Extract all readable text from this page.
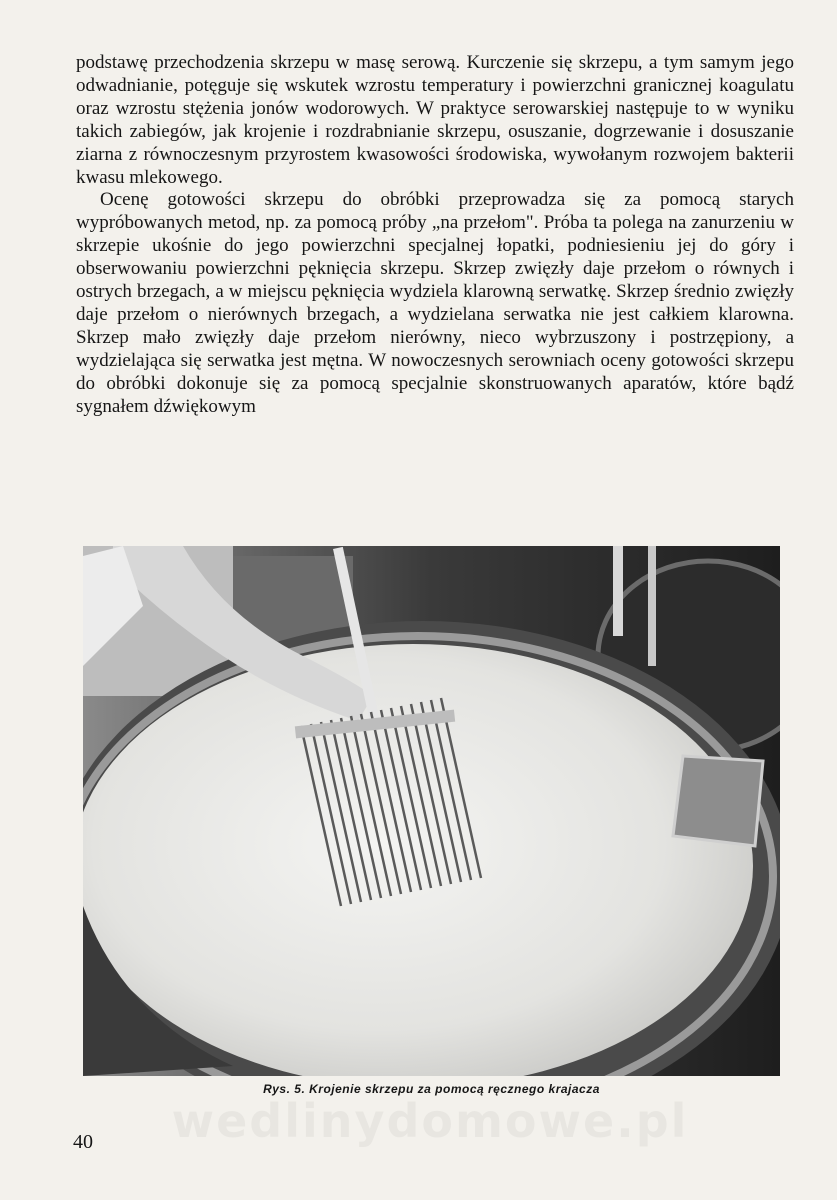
podstawę przechodzenia skrzepu w masę serową. Kurczenie się skrzepu, a tym samym jego odwadnianie, potęguje się wskutek wzrostu temperatury i powierzchni granicznej koagulatu oraz wzrostu stężenia jonów wodorowych. W praktyce serowarskiej następuje to w wyniku takich zabiegów, jak krojenie i rozdrabnianie skrzepu, osuszanie, dogrzewanie i dosuszanie ziarna z równoczesnym przyrostem kwasowości środowiska, wywołanym rozwojem bakterii kwasu mlekowego.

Ocenę gotowości skrzepu do obróbki przeprowadza się za pomocą starych wypróbowanych metod, np. za pomocą próby „na przełom". Próba ta polega na zanurzeniu w skrzepie ukośnie do jego powierzchni specjalnej łopatki, podniesieniu jej do góry i obserwowaniu powierzchni pęknięcia skrzepu. Skrzep zwięzły daje przełom o równych i ostrych brzegach, a w miejscu pęknięcia wydziela klarowną serwatkę. Skrzep średnio zwięzły daje przełom o nierównych brzegach, a wydzielana serwatka nie jest całkiem klarowna. Skrzep mało zwięzły daje przełom nierówny, nieco wybrzuszony i postrzępiony, a wydzielająca się serwatka jest mętna. W nowoczesnych serowniach oceny gotowości skrzepu do obróbki dokonuje się za pomocą specjalnie skonstruowanych aparatów, które bądź sygnałem dźwiękowym

Rys. 5. Krojenie skrzepu za pomocą ręcznego krajacza
40
